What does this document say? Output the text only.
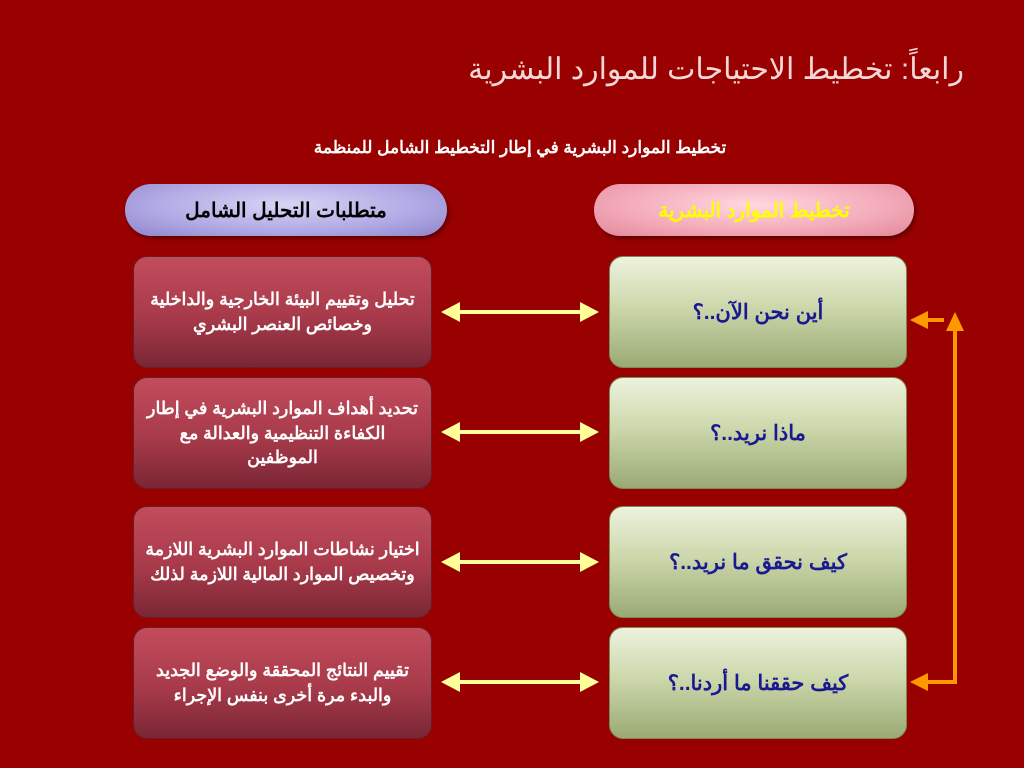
رابعاً: تخطيط الاحتياجات للموارد البشرية
تخطيط الموارد البشرية في إطار التخطيط الشامل للمنظمة
متطلبات التحليل الشامل	تخطيط الموارد البشرية
تحليل وتقييم البيئة الخارجية والداخلية وخصائص العنصر البشري
تحديد أهداف الموارد البشرية في إطار الكفاءة التنظيمية والعدالة مع الموظفين
اختيار نشاطات الموارد البشرية اللازمة وتخصيص الموارد المالية اللازمة لذلك
تقييم النتائج المحققة والوضع الجديد والبدء مرة أخرى بنفس الإجراء
أين نحن الآن..؟
ماذا نريد..؟
كيف نحقق ما نريد..؟
كيف حققنا ما أردنا..؟
